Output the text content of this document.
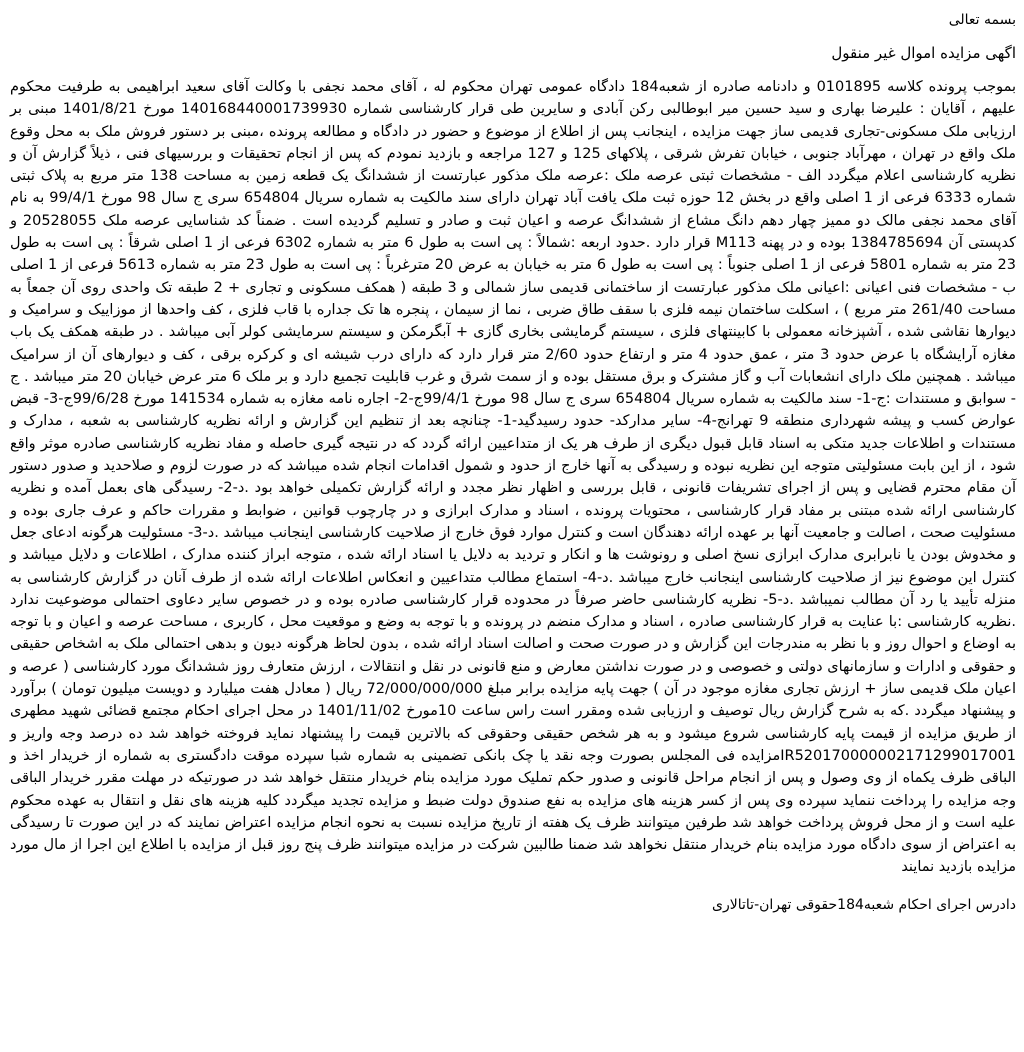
بسمه تعالی
اگهی مزایده اموال غیر منقول

بموجب پرونده کلاسه 0101895 و دادنامه صادره از شعبه184 دادگاه عمومی تهران محکوم له ، آقای محمد نجفی با وکالت آقای سعید ابراهیمی به طرفیت محکوم علیهم ، آقایان : علیرضا بهاری و سید حسین میر ابوطالبی رکن آبادی و سایرین طی قرار کارشناسی شماره 140168440001739930 مورخ 1401/8/21 مبنی بر ارزیابی ملک مسکونی-تجاری قدیمی ساز جهت مزایده ، اینجانب پس از اطلاع از موضوع و حضور در دادگاه و مطالعه پرونده ،مبنی بر دستور فروش ملک به محل وقوع ملک واقع در تهران ، مهرآباد جنوبی ، خیابان تفرش شرقی ، پلاکهای 125 و 127 مراجعه و بازدید نمودم که پس از انجام تحقیقات و بررسیهای فنی ، ذیلاً گزارش آن و نظریه کارشناسی اعلام میگردد الف - مشخصات ثبتی عرصه ملک :عرصه ملک مذکور عبارتست از ششدانگ یک قطعه زمین به مساحت 138 متر مربع به پلاک ثبتی شماره 6333 فرعی از 1 اصلی واقع در بخش 12 حوزه ثبت ملک یافت آباد تهران دارای سند مالکیت به شماره سریال 654804 سری ج سال 98 مورخ 99/4/1 به نام آقای محمد نجفی مالک دو ممیز چهار دهم دانگ مشاع از ششدانگ عرصه و اعیان ثبت و صادر و تسلیم گردیده است . ضمناً کد شناسایی عرصه ملک 20528055 و کدپستی آن 1384785694 بوده و در پهنه M113 قرار دارد .حدود اربعه :شمالاً : پی است به طول 6 متر به شماره 6302 فرعی از 1 اصلی شرقاً : پی است به طول 23 متر به شماره 5801 فرعی از 1 اصلی جنوباً : پی است به طول 6 متر به خیابان به عرض 20 مترغرباً : پی است به طول 23 متر به شماره 5613 فرعی از 1 اصلی ب - مشخصات فنی اعیانی :اعیانی ملک مذکور عبارتست از ساختمانی قدیمی ساز شمالی و 3 طبقه ( همکف مسکونی و تجاری + 2 طبقه تک واحدی روی آن جمعاً به مساحت 261/40 متر مربع ) ، اسکلت ساختمان نیمه فلزی با سقف طاق ضربی ، نما از سیمان ، پنجره ها تک جداره با قاب فلزی ، کف واحدها از موزاییک و سرامیک و دیوارها نقاشی شده ، آشپزخانه معمولی با کابینتهای فلزی ، سیستم گرمایشی بخاری گازی + آبگرمکن و سیستم سرمایشی کولر آبی میباشد . در طبقه همکف یک باب مغازه آرایشگاه با عرض حدود 3 متر ، عمق حدود 4 متر و ارتفاع حدود 2/60 متر قرار دارد که دارای درب شیشه ای و کرکره برقی ، کف و دیوارهای آن از سرامیک میباشد . همچنین ملک دارای انشعابات آب و گاز مشترک و برق مستقل بوده و از سمت شرق و غرب قابلیت تجمیع دارد و بر ملک 6 متر عرض خیابان 20 متر میباشد . ج - سوابق و مستندات :ج-1- سند مالکیت به شماره سریال 654804 سری ج سال 98 مورخ 99/4/1ج-2- اجاره نامه مغازه به شماره 141534 مورخ 99/6/28ج-3- قبض عوارض کسب و پیشه شهرداری منطقه 9 تهرانج-4- سایر مدارکد- حدود رسیدگید-1- چنانچه بعد از تنظیم این گزارش و ارائه نظریه کارشناسی به شعبه ، مدارک و مستندات و اطلاعات جدید متکی به اسناد قابل قبول دیگری از طرف هر یک از متداعیین ارائه گردد که در نتیجه گیری حاصله و مفاد نظریه کارشناسی صادره موثر واقع شود ، از این بابت مسئولیتی متوجه این نظریه نبوده و رسیدگی به آنها خارج از حدود و شمول اقدامات انجام شده میباشد که در صورت لزوم و صلاحدید و صدور دستور آن مقام محترم قضایی و پس از اجرای تشریفات قانونی ، قابل بررسی و اظهار نظر مجدد و ارائه گزارش تکمیلی خواهد بود .د-2- رسیدگی های بعمل آمده و نظریه کارشناسی ارائه شده مبتنی بر مفاد قرار کارشناسی ، محتویات پرونده ، اسناد و مدارک ابرازی و در چارچوب قوانین ، ضوابط و مقررات حاکم و عرف جاری بوده و مسئولیت صحت ، اصالت و جامعیت آنها بر عهده ارائه دهندگان است و کنترل موارد فوق خارج از صلاحیت کارشناسی اینجانب میباشد .د-3- مسئولیت هرگونه ادعای جعل و مخدوش بودن یا نابرابری مدارک ابرازی نسخ اصلی و رونوشت ها و انکار و تردید به دلایل یا اسناد ارائه شده ، متوجه ابراز کننده مدارک ، اطلاعات و دلایل میباشد و کنترل این موضوع نیز از صلاحیت کارشناسی اینجانب خارج میباشد .د-4- استماع مطالب متداعیین و انعکاس اطلاعات ارائه شده از طرف آنان در گزارش کارشناسی به منزله تأیید یا رد آن مطالب نمیباشد .د-5- نظریه کارشناسی حاضر صرفاً در محدوده قرار کارشناسی صادره بوده و در خصوص سایر دعاوی احتمالی موضوعیت ندارد .نظریه کارشناسی :با عنایت به قرار کارشناسی صادره ، اسناد و مدارک منضم در پرونده و با توجه به وضع و موقعیت محل ، کاربری ، مساحت عرصه و اعیان و با توجه به اوضاع و احوال روز و با نظر به مندرجات این گزارش و در صورت صحت و اصالت اسناد ارائه شده ، بدون لحاظ هرگونه دیون و بدهی احتمالی ملک به اشخاص حقیقی و حقوقی و ادارات و سازمانهای دولتی و خصوصی و در صورت نداشتن معارض و منع قانونی در نقل و انتقالات ، ارزش متعارف روز ششدانگ مورد کارشناسی ( عرصه و اعیان ملک قدیمی ساز + ارزش تجاری مغازه موجود در آن ) جهت پایه مزایده برابر مبلغ 72/000/000/000 ریال ( معادل هفت میلیارد و دویست میلیون تومان ) برآورد و پیشنهاد میگردد .که به شرح گزارش ریال توصیف و ارزیابی شده ومقرر است راس ساعت 10مورخ 1401/11/02 در محل اجرای احکام مجتمع قضائی شهید مطهری از طریق مزایده از قیمت پایه کارشناسی شروع میشود و به هر شخص حقیقی وحقوقی که بالاترین قیمت را پیشنهاد نماید فروخته خواهد شد ده درصد وجه واریز و IR520170000002171299017001مزایده فی المجلس بصورت وجه نقد یا چک بانکی تضمینی به شماره شبا سپرده موقت دادگستری به شماره از خریدار اخذ و الباقی ظرف یکماه از وی وصول و پس از انجام مراحل قانونی و صدور حکم تملیک مورد مزایده بنام خریدار منتقل خواهد شد در صورتیکه در مهلت مقرر خریدار الباقی وجه مزایده را پرداخت ننماید سپرده وی پس از کسر هزینه های مزایده به نفع صندوق دولت ضبط و مزایده تجدید میگردد کلیه هزینه های نقل و انتقال به عهده محکوم علیه است و از محل فروش پرداخت خواهد شد طرفین میتوانند ظرف یک هفته از تاریخ مزایده نسبت به نحوه انجام مزایده اعتراض نمایند که در این صورت تا رسیدگی به اعتراض از سوی دادگاه مورد مزایده بنام خریدار منتقل نخواهد شد ضمنا طالبین شرکت در مزایده میتوانند ظرف پنج روز قبل از مزایده با اطلاع این اجرا از مال مورد مزایده بازدید نمایند

دادرس اجرای احکام شعبه184حقوقی تهران-تاتالاری
